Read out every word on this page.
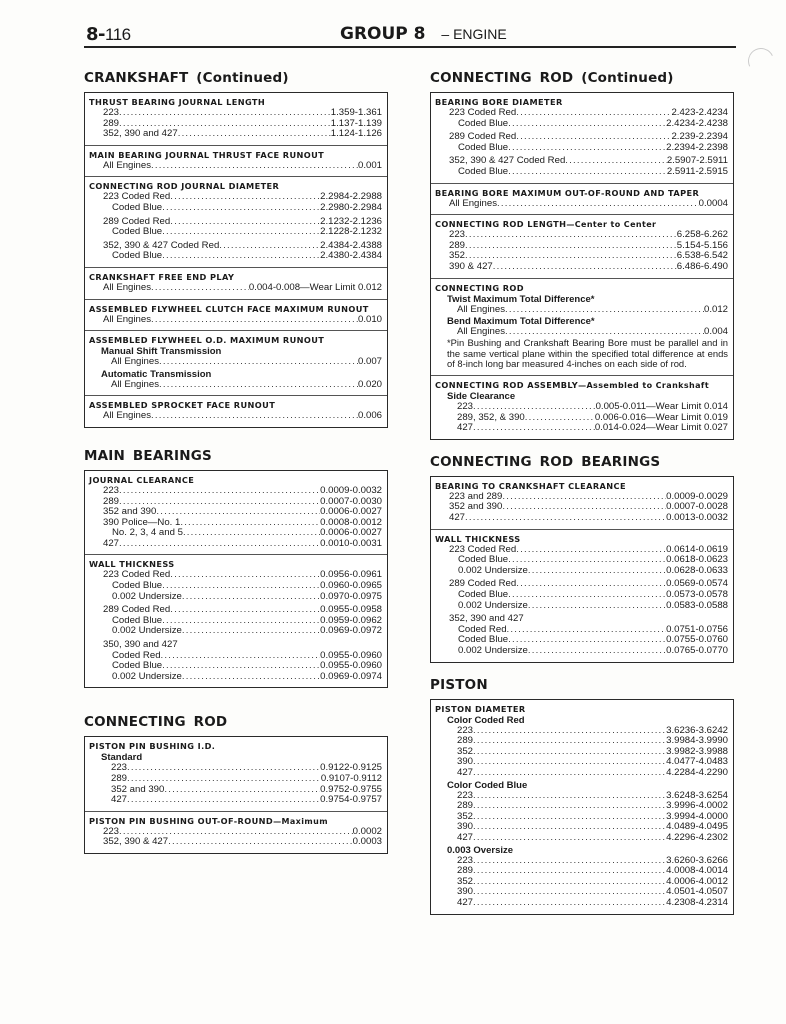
8-116	GROUP 8 – ENGINE
CRANKSHAFT (Continued)
THRUST BEARING JOURNAL LENGTH
223 .....	1.359-1.361
289 .....	1.137-1.139
352, 390 and 427 .....	1.124-1.126
MAIN BEARING JOURNAL THRUST FACE RUNOUT
All Engines .....	0.001
CONNECTING ROD JOURNAL DIAMETER
223 Coded Red .....	2.2984-2.2988
Coded Blue .....	2.2980-2.2984
289 Coded Red .....	2.1232-2.1236
Coded Blue .....	2.1228-2.1232
352, 390 & 427 Coded Red .....	2.4384-2.4388
Coded Blue .....	2.4380-2.4384
CRANKSHAFT FREE END PLAY
All Engines .....	0.004-0.008—Wear Limit 0.012
ASSEMBLED FLYWHEEL CLUTCH FACE MAXIMUM RUNOUT
All Engines .....	0.010
ASSEMBLED FLYWHEEL O.D. MAXIMUM RUNOUT
Manual Shift Transmission
All Engines .....	0.007
Automatic Transmission
All Engines .....	0.020
ASSEMBLED SPROCKET FACE RUNOUT
All Engines .....	0.006
MAIN BEARINGS
JOURNAL CLEARANCE
223 .....	0.0009-0.0032
289 .....	0.0007-0.0030
352 and 390 .....	0.0006-0.0027
390 Police—No. 1 .....	0.0008-0.0012
No. 2, 3, 4 and 5 .....	0.0006-0.0027
427 .....	0.0010-0.0031
WALL THICKNESS
223 Coded Red .....	0.0956-0.0961
Coded Blue .....	0.0960-0.0965
0.002 Undersize .....	0.0970-0.0975
289 Coded Red .....	0.0955-0.0958
Coded Blue .....	0.0959-0.0962
0.002 Undersize .....	0.0969-0.0972
350, 390 and 427
Coded Red .....	0.0955-0.0960
Coded Blue .....	0.0955-0.0960
0.002 Undersize .....	0.0969-0.0974
CONNECTING ROD
PISTON PIN BUSHING I.D.
Standard
223 .....	0.9122-0.9125
289 .....	0.9107-0.9112
352 and 390 .....	0.9752-0.9755
427 .....	0.9754-0.9757
PISTON PIN BUSHING OUT-OF-ROUND—Maximum
223 .....	0.0002
352, 390 & 427 .....	0.0003
CONNECTING ROD (Continued)
BEARING BORE DIAMETER
223 Coded Red .....	2.423-2.4234
Coded Blue .....	2.4234-2.4238
289 Coded Red .....	2.239-2.2394
Coded Blue .....	2.2394-2.2398
352, 390 & 427 Coded Red .....	2.5907-2.5911
Coded Blue .....	2.5911-2.5915
BEARING BORE MAXIMUM OUT-OF-ROUND AND TAPER
All Engines .....	0.0004
CONNECTING ROD LENGTH—Center to Center
223 .....	6.258-6.262
289 .....	5.154-5.156
352 .....	6.538-6.542
390 & 427 .....	6.486-6.490
CONNECTING ROD
Twist Maximum Total Difference*
All Engines .....	0.012
Bend Maximum Total Difference*
All Engines .....	0.004
*Pin Bushing and Crankshaft Bearing Bore must be parallel and in the same vertical plane within the specified total difference at ends of 8-inch long bar measured 4-inches on each side of rod.
CONNECTING ROD ASSEMBLY—Assembled to Crankshaft
Side Clearance
223 .....	0.005-0.011—Wear Limit 0.014
289, 352, & 390 .....	0.006-0.016—Wear Limit 0.019
427 .....	0.014-0.024—Wear Limit 0.027
CONNECTING ROD BEARINGS
BEARING TO CRANKSHAFT CLEARANCE
223 and 289 .....	0.0009-0.0029
352 and 390 .....	0.0007-0.0028
427 .....	0.0013-0.0032
WALL THICKNESS
223 Coded Red .....	0.0614-0.0619
Coded Blue .....	0.0618-0.0623
0.002 Undersize .....	0.0628-0.0633
289 Coded Red .....	0.0569-0.0574
Coded Blue .....	0.0573-0.0578
0.002 Undersize .....	0.0583-0.0588
352, 390 and 427
Coded Red .....	0.0751-0.0756
Coded Blue .....	0.0755-0.0760
0.002 Undersize .....	0.0765-0.0770
PISTON
PISTON DIAMETER
Color Coded Red
223 .....	3.6236-3.6242
289 .....	3.9984-3.9990
352 .....	3.9982-3.9988
390 .....	4.0477-4.0483
427 .....	4.2284-4.2290
Color Coded Blue
223 .....	3.6248-3.6254
289 .....	3.9996-4.0002
352 .....	3.9994-4.0000
390 .....	4.0489-4.0495
427 .....	4.2296-4.2302
0.003 Oversize
223 .....	3.6260-3.6266
289 .....	4.0008-4.0014
352 .....	4.0006-4.0012
390 .....	4.0501-4.0507
427 .....	4.2308-4.2314
